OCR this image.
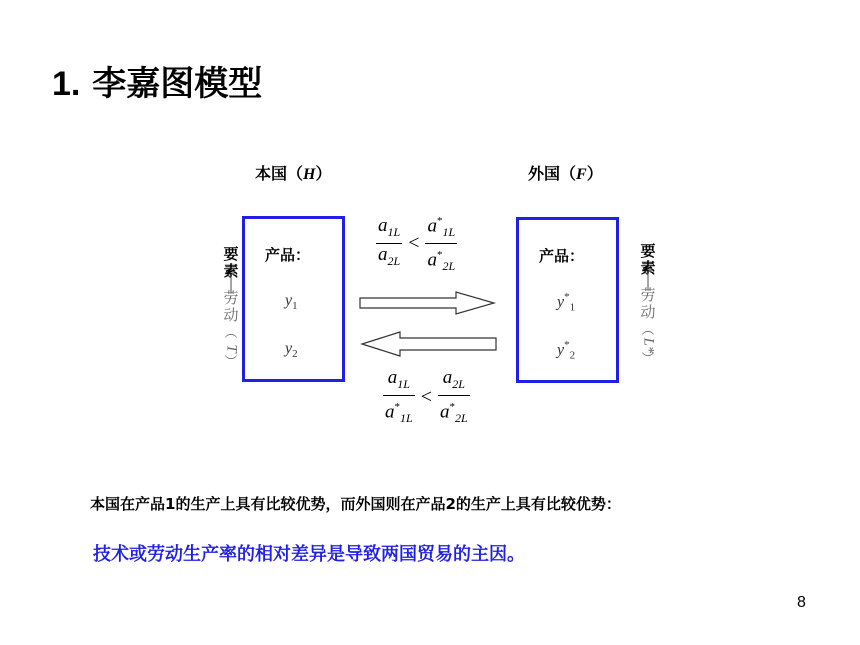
1. 李嘉图模型
本国（H）	外国（F）
产品：
$y_1$
$y_2$
产品：
$y^*_1$
$y^*_2$
要
素
│
劳
动
︵
T
︶
要
素
│
劳
动
︵
L*
︶
$\frac{a_{1L}}{a_{2L}} < \frac{a^*_{1L}}{a^*_{2L}}$
$\frac{a_{1L}}{a^*_{1L}} < \frac{a_{2L}}{a^*_{2L}}$
本国在产品1的生产上具有比较优势，而外国则在产品2的生产上具有比较优势：
技术或劳动生产率的相对差异是导致两国贸易的主因。
8
